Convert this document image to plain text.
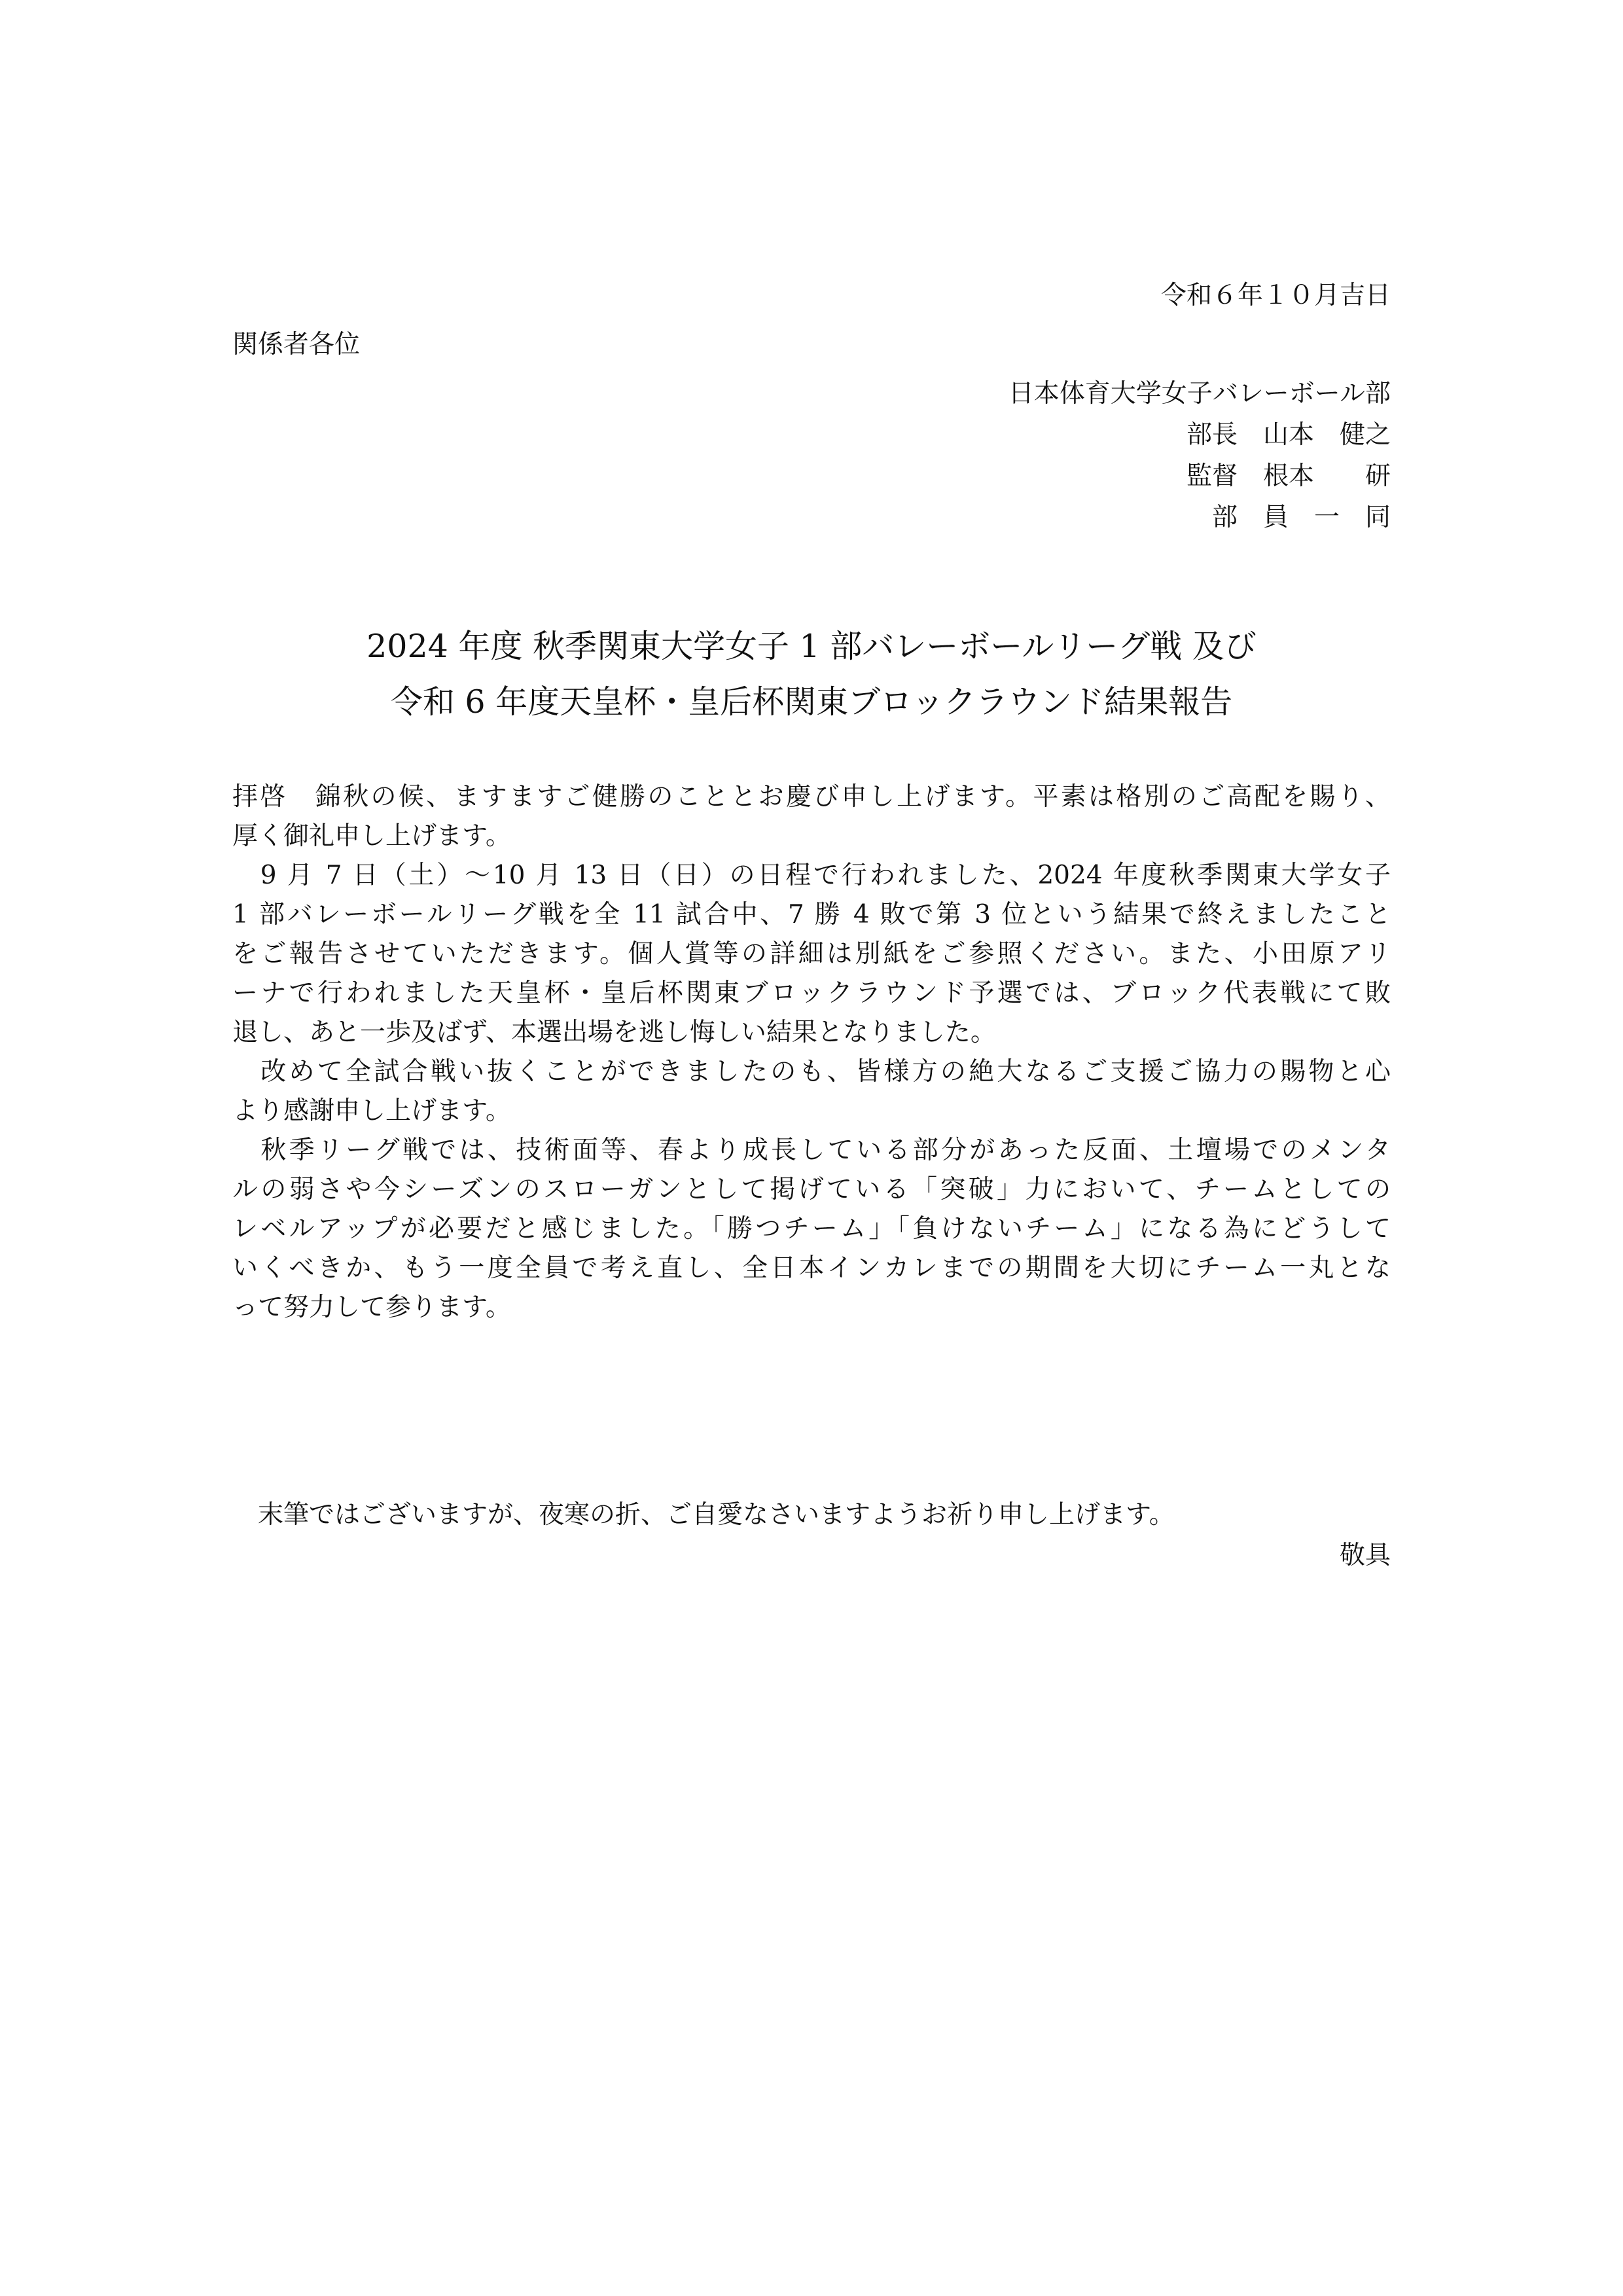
令和６年１０月吉日
関係者各位
日本体育大学女子バレーボール部
部長　山本　健之
監督　根本　　研
部　員　一　同
2024 年度 秋季関東大学女子 1 部バレーボールリーグ戦 及び
令和 6 年度天皇杯・皇后杯関東ブロックラウンド結果報告
拝啓　錦秋の候、ますますご健勝のこととお慶び申し上げます。平素は格別のご高配を賜り、
厚く御礼申し上げます。
　9 月 7 日（土）～10 月 13 日（日）の日程で行われました、2024 年度秋季関東大学女子
1 部バレーボールリーグ戦を全 11 試合中、7 勝 4 敗で第 3 位という結果で終えましたこと
をご報告させていただきます。個人賞等の詳細は別紙をご参照ください。また、小田原アリ
ーナで行われました天皇杯・皇后杯関東ブロックラウンド予選では、ブロック代表戦にて敗
退し、あと一歩及ばず、本選出場を逃し悔しい結果となりました。
　改めて全試合戦い抜くことができましたのも、皆様方の絶大なるご支援ご協力の賜物と心
より感謝申し上げます。
　秋季リーグ戦では、技術面等、春より成長している部分があった反面、土壇場でのメンタ
ルの弱さや今シーズンのスローガンとして掲げている「突破」力において、チームとしての
レベルアップが必要だと感じました。「勝つチーム」「負けないチーム」になる為にどうして
いくべきか、もう一度全員で考え直し、全日本インカレまでの期間を大切にチーム一丸とな
って努力して参ります。
　末筆ではございますが、夜寒の折、ご自愛なさいますようお祈り申し上げます。
敬具
